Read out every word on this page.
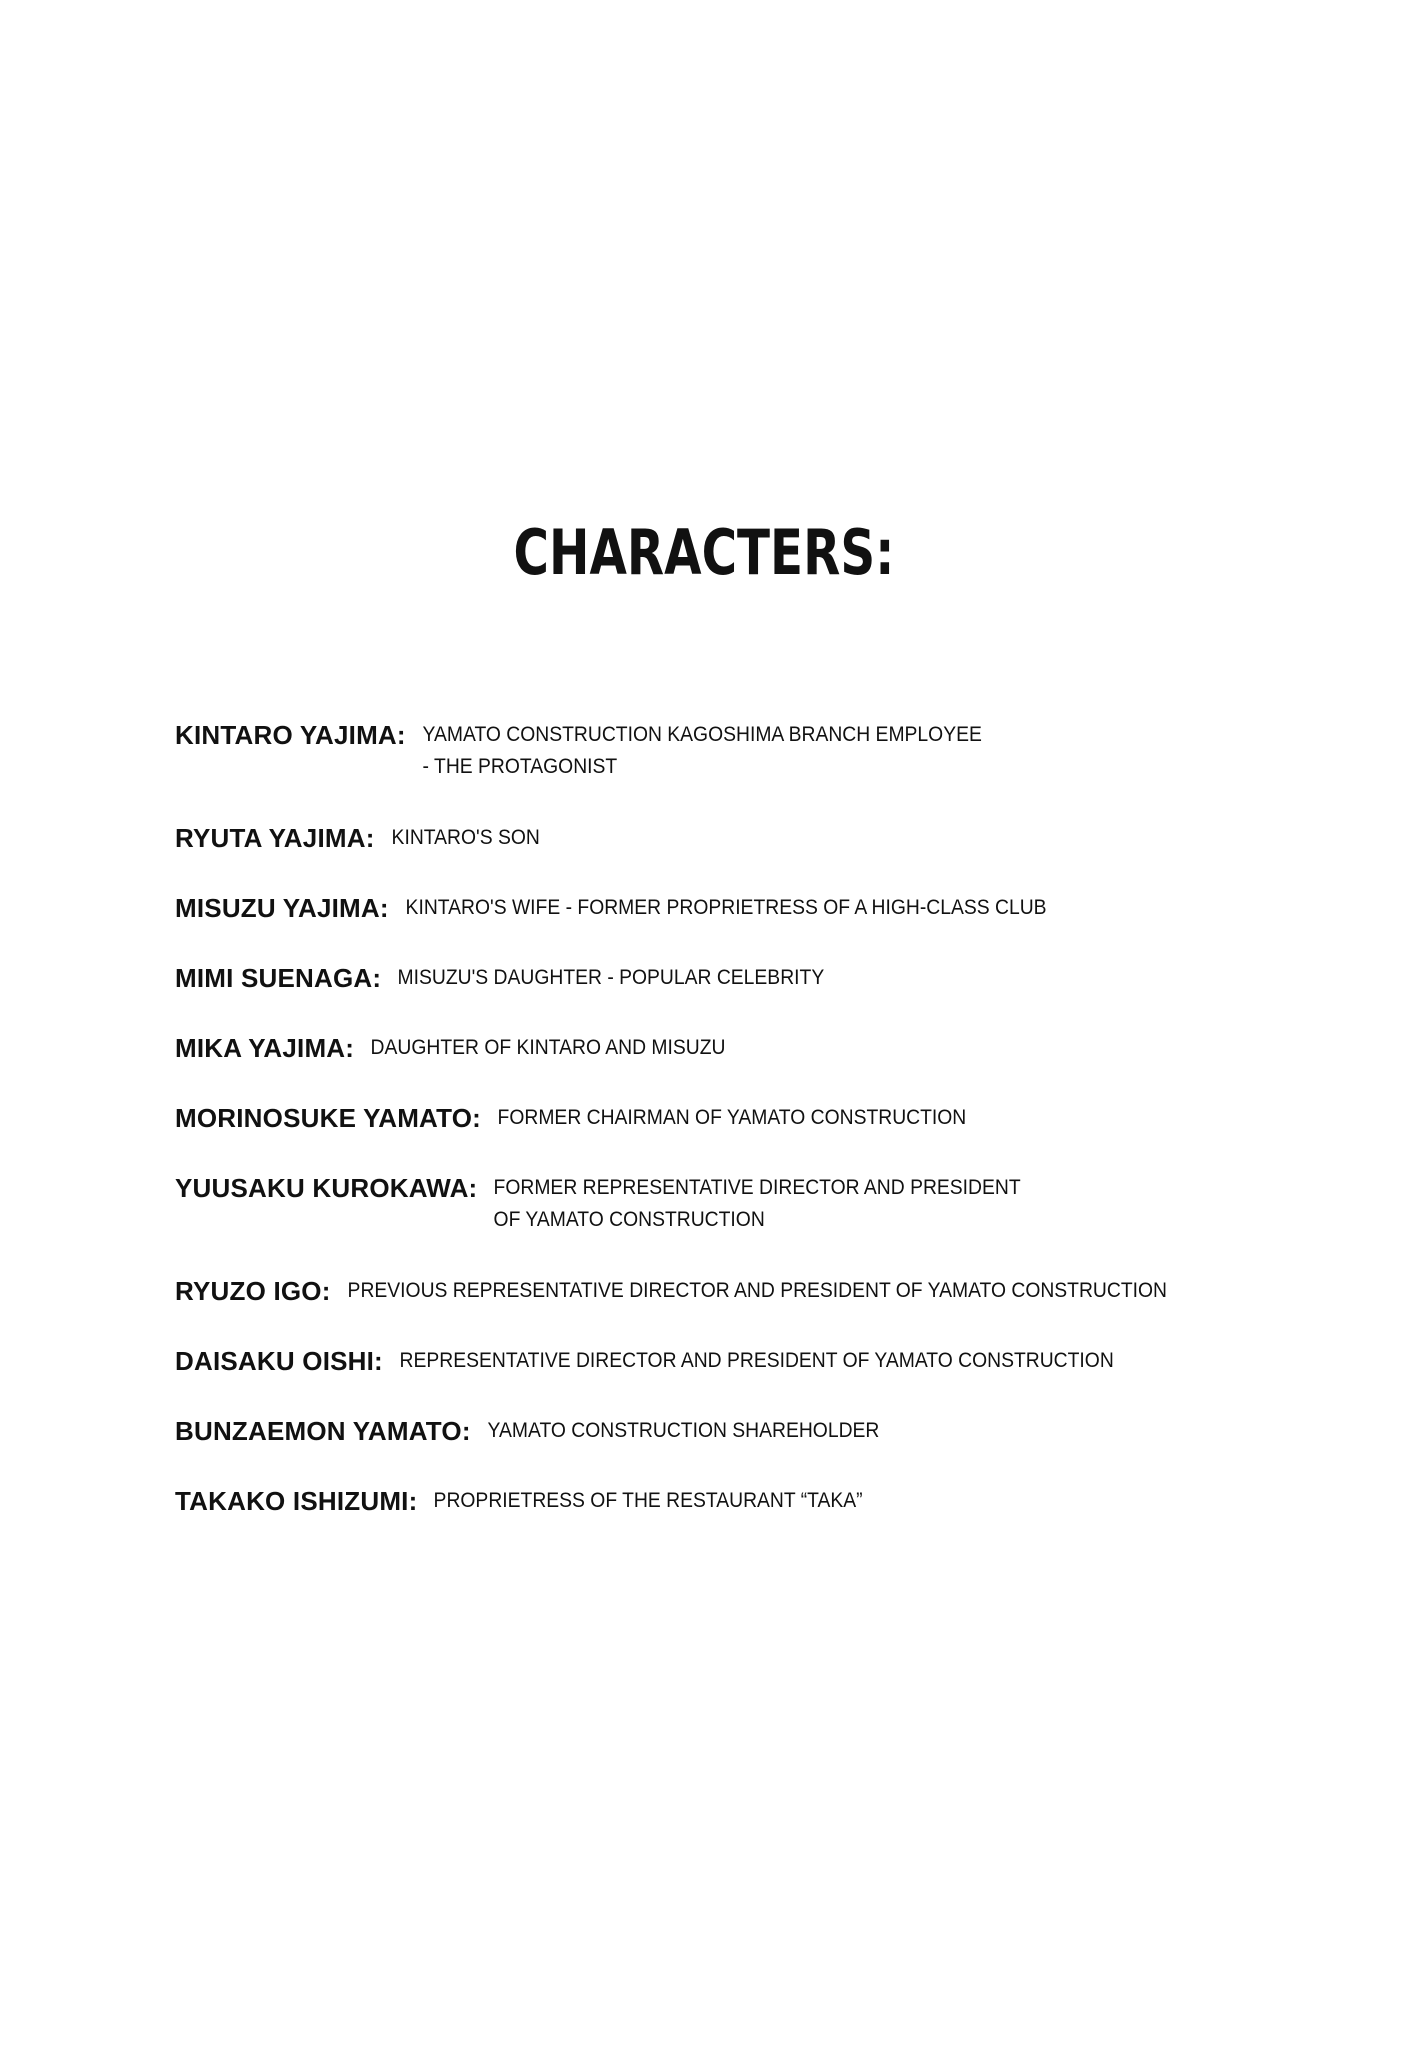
CHARACTERS:
KINTARO YAJIMA: YAMATO CONSTRUCTION KAGOSHIMA BRANCH EMPLOYEE
- THE PROTAGONIST
RYUTA YAJIMA: KINTARO'S SON
MISUZU YAJIMA: KINTARO'S WIFE - FORMER PROPRIETRESS OF A HIGH-CLASS CLUB
MIMI SUENAGA: MISUZU'S DAUGHTER - POPULAR CELEBRITY
MIKA YAJIMA: DAUGHTER OF KINTARO AND MISUZU
MORINOSUKE YAMATO: FORMER CHAIRMAN OF YAMATO CONSTRUCTION
YUUSAKU KUROKAWA: FORMER REPRESENTATIVE DIRECTOR AND PRESIDENT
OF YAMATO CONSTRUCTION
RYUZO IGO: PREVIOUS REPRESENTATIVE DIRECTOR AND PRESIDENT OF YAMATO CONSTRUCTION
DAISAKU OISHI: REPRESENTATIVE DIRECTOR AND PRESIDENT OF YAMATO CONSTRUCTION
BUNZAEMON YAMATO: YAMATO CONSTRUCTION SHAREHOLDER
TAKAKO ISHIZUMI: PROPRIETRESS OF THE RESTAURANT “TAKA”
